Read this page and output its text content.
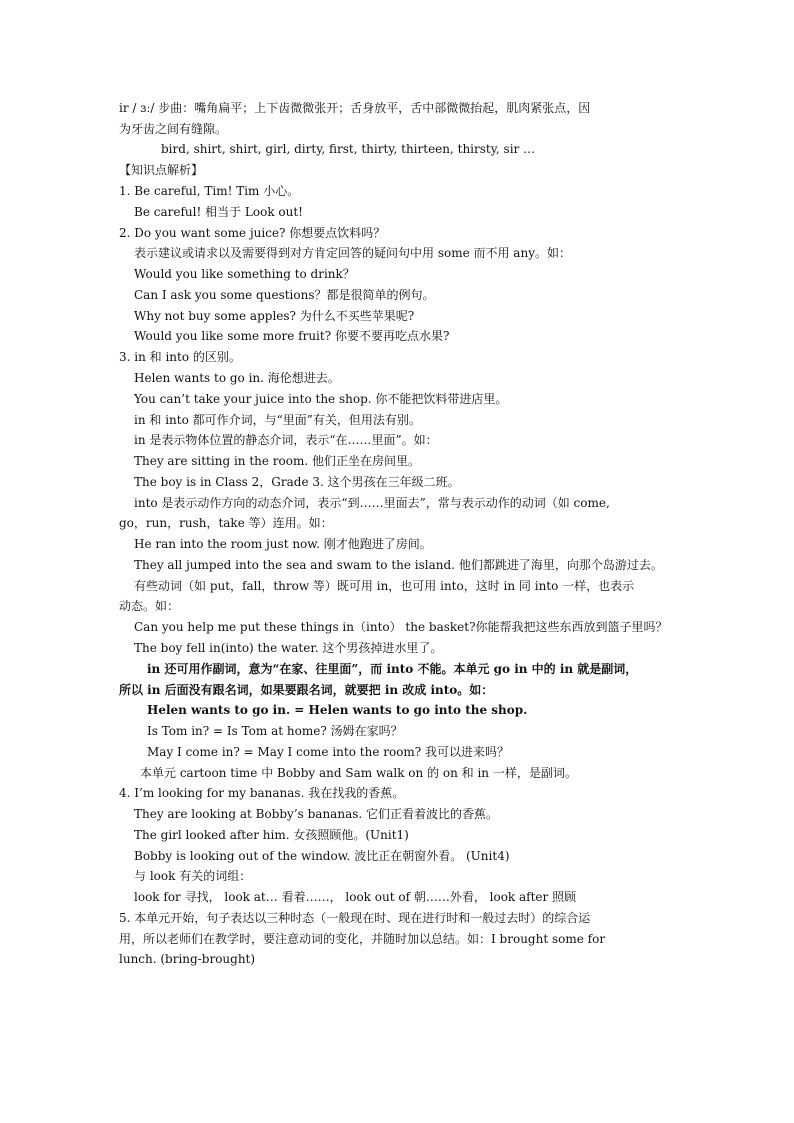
ir / ɜː/ 步曲：嘴角扁平；上下齿微微张开；舌身放平，舌中部微微抬起，肌肉紧张点，因
为牙齿之间有缝隙。
bird, shirt, shirt, girl, dirty, first, thirty, thirteen, thirsty, sir …
【知识点解析】
1. Be careful, Tim! Tim 小心。
Be careful! 相当于 Look out!
2. Do you want some juice? 你想要点饮料吗？
表示建议或请求以及需要得到对方肯定回答的疑问句中用 some 而不用 any。如：
Would you like something to drink？
Can I ask you some questions？都是很简单的例句。
Why not buy some apples? 为什么不买些苹果呢?
Would you like some more fruit? 你要不要再吃点水果?
3. in 和 into 的区别。
Helen wants to go in. 海伦想进去。
You can’t take your juice into the shop. 你不能把饮料带进店里。
in 和 into 都可作介词，与“里面”有关，但用法有别。
in 是表示物体位置的静态介词，表示“在……里面”。如：
They are sitting in the room. 他们正坐在房间里。
The boy is in Class 2，Grade 3. 这个男孩在三年级二班。
into 是表示动作方向的动态介词，表示“到……里面去”，常与表示动作的动词（如 come,
go，run，rush，take 等）连用。如：
He ran into the room just now. 刚才他跑进了房间。
They all jumped into the sea and swam to the island. 他们都跳进了海里，向那个岛游过去。
有些动词（如 put，fall，throw 等）既可用 in，也可用 into，这时 in 同 into 一样，也表示
动态。如：
Can you help me put these things in（into） the basket?你能帮我把这些东西放到篮子里吗？
The boy fell in(into) the water. 这个男孩掉进水里了。
in 还可用作副词，意为“在家、往里面”，而 into 不能。本单元 go in 中的 in 就是副词，
所以 in 后面没有跟名词，如果要跟名词，就要把 in 改成 into。如：
Helen wants to go in. = Helen wants to go into the shop.
Is Tom in? = Is Tom at home? 汤姆在家吗？
May I come in? = May I come into the room? 我可以进来吗？
本单元 cartoon time 中 Bobby and Sam walk on 的 on 和 in 一样，是副词。
4. I’m looking for my bananas. 我在找我的香蕉。
They are looking at Bobby’s bananas. 它们正看着波比的香蕉。
The girl looked after him. 女孩照顾他。(Unit1)
Bobby is looking out of the window. 波比正在朝窗外看。 (Unit4)
与 look 有关的词组：
look for 寻找， look at… 看着……， look out of 朝……外看， look after 照顾
5. 本单元开始，句子表达以三种时态（一般现在时、现在进行时和一般过去时）的综合运
用，所以老师们在教学时，要注意动词的变化，并随时加以总结。如：I brought some for
lunch. (bring-brought)
